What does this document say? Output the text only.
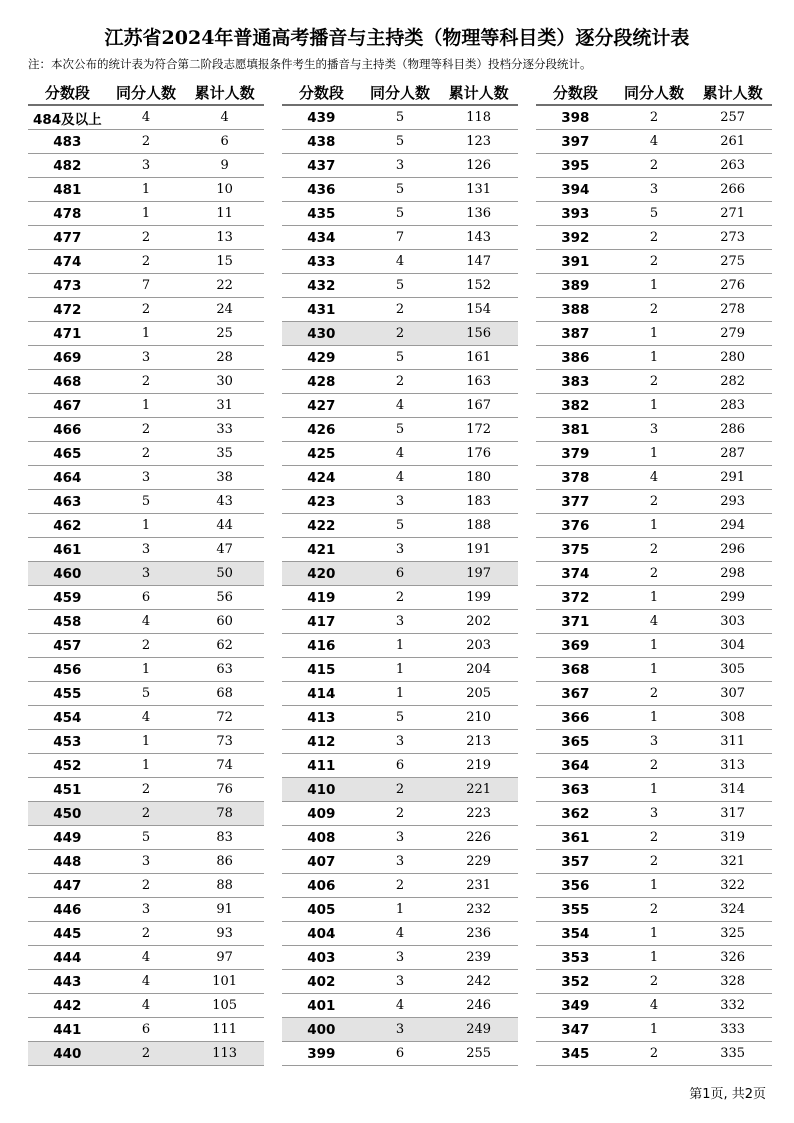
江苏省2024年普通高考播音与主持类（物理等科目类）逐分段统计表
注：本次公布的统计表为符合第二阶段志愿填报条件考生的播音与主持类（物理等科目类）投档分逐分段统计。
分数段	同分人数	累计人数
484及以上	4	4
483	2	6
482	3	9
481	1	10
478	1	11
477	2	13
474	2	15
473	7	22
472	2	24
471	1	25
469	3	28
468	2	30
467	1	31
466	2	33
465	2	35
464	3	38
463	5	43
462	1	44
461	3	47
460	3	50
459	6	56
458	4	60
457	2	62
456	1	63
455	5	68
454	4	72
453	1	73
452	1	74
451	2	76
450	2	78
449	5	83
448	3	86
447	2	88
446	3	91
445	2	93
444	4	97
443	4	101
442	4	105
441	6	111
440	2	113
分数段	同分人数	累计人数
439	5	118
438	5	123
437	3	126
436	5	131
435	5	136
434	7	143
433	4	147
432	5	152
431	2	154
430	2	156
429	5	161
428	2	163
427	4	167
426	5	172
425	4	176
424	4	180
423	3	183
422	5	188
421	3	191
420	6	197
419	2	199
417	3	202
416	1	203
415	1	204
414	1	205
413	5	210
412	3	213
411	6	219
410	2	221
409	2	223
408	3	226
407	3	229
406	2	231
405	1	232
404	4	236
403	3	239
402	3	242
401	4	246
400	3	249
399	6	255
分数段	同分人数	累计人数
398	2	257
397	4	261
395	2	263
394	3	266
393	5	271
392	2	273
391	2	275
389	1	276
388	2	278
387	1	279
386	1	280
383	2	282
382	1	283
381	3	286
379	1	287
378	4	291
377	2	293
376	1	294
375	2	296
374	2	298
372	1	299
371	4	303
369	1	304
368	1	305
367	2	307
366	1	308
365	3	311
364	2	313
363	1	314
362	3	317
361	2	319
357	2	321
356	1	322
355	2	324
354	1	325
353	1	326
352	2	328
349	4	332
347	1	333
345	2	335
第1页, 共2页
